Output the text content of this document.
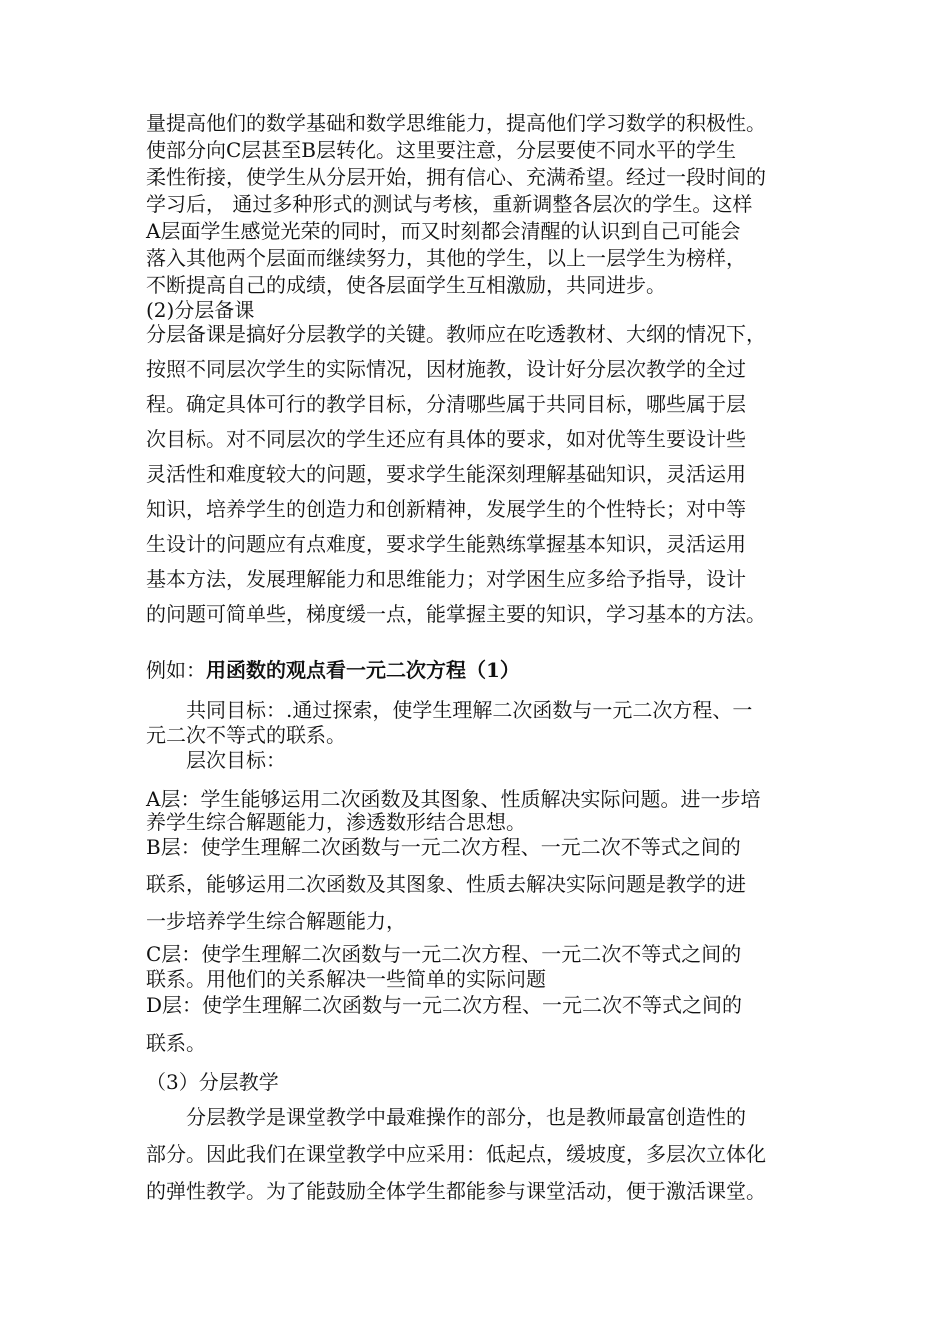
量提高他们的数学基础和数学思维能力，提高他们学习数学的积极性。
使部分向C层甚至B层转化。这里要注意，分层要使不同水平的学生
柔性衔接，使学生从分层开始，拥有信心、充满希望。经过一段时间的
学习后， 通过多种形式的测试与考核，重新调整各层次的学生。这样
A层面学生感觉光荣的同时，而又时刻都会清醒的认识到自己可能会
落入其他两个层面而继续努力，其他的学生，以上一层学生为榜样，
不断提高自己的成绩，使各层面学生互相激励，共同进步。
(2)分层备课
分层备课是搞好分层教学的关键。教师应在吃透教材、大纲的情况下，
按照不同层次学生的实际情况，因材施教，设计好分层次教学的全过
程。确定具体可行的教学目标，分清哪些属于共同目标，哪些属于层
次目标。对不同层次的学生还应有具体的要求，如对优等生要设计些
灵活性和难度较大的问题，要求学生能深刻理解基础知识，灵活运用
知识，培养学生的创造力和创新精神，发展学生的个性特长；对中等
生设计的问题应有点难度，要求学生能熟练掌握基本知识，灵活运用
基本方法，发展理解能力和思维能力；对学困生应多给予指导，设计
的问题可简单些，梯度缓一点，能掌握主要的知识，学习基本的方法。
例如：用函数的观点看一元二次方程（1）
共同目标：.通过探索，使学生理解二次函数与一元二次方程、一
元二次不等式的联系。
层次目标：
A层：学生能够运用二次函数及其图象、性质解决实际问题。进一步培
养学生综合解题能力，渗透数形结合思想。
B层：使学生理解二次函数与一元二次方程、一元二次不等式之间的
联系，能够运用二次函数及其图象、性质去解决实际问题是教学的进
一步培养学生综合解题能力，
C层：使学生理解二次函数与一元二次方程、一元二次不等式之间的
联系。用他们的关系解决一些简单的实际问题
D层：使学生理解二次函数与一元二次方程、一元二次不等式之间的
联系。
（3）分层教学
分层教学是课堂教学中最难操作的部分，也是教师最富创造性的
部分。因此我们在课堂教学中应采用：低起点，缓坡度，多层次立体化
的弹性教学。为了能鼓励全体学生都能参与课堂活动，便于激活课堂。
